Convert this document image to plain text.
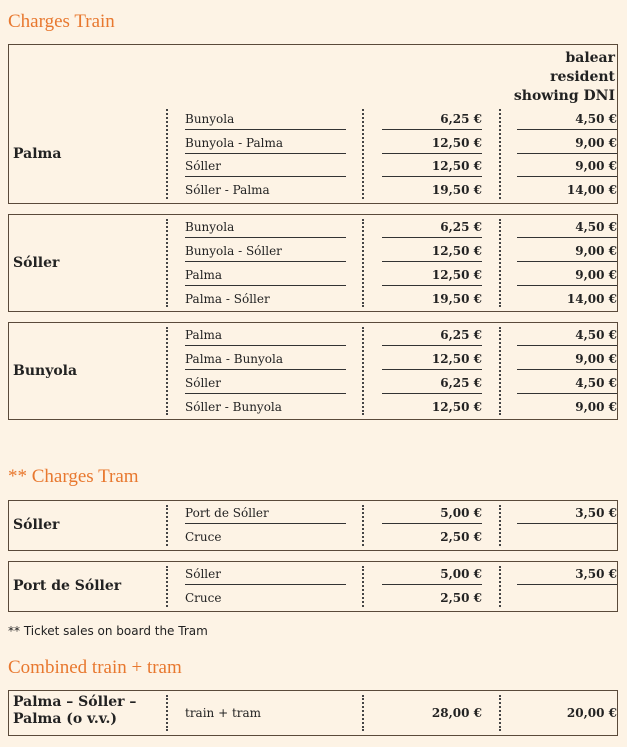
Charges Train
balear resident showing DNI
Palma
Bunyola	6,25 €	4,50 €
Bunyola - Palma	12,50 €	9,00 €
Sóller	12,50 €	9,00 €
Sóller - Palma	19,50 €	14,00 €
Sóller
Bunyola	6,25 €	4,50 €
Bunyola - Sóller	12,50 €	9,00 €
Palma	12,50 €	9,00 €
Palma - Sóller	19,50 €	14,00 €
Bunyola
Palma	6,25 €	4,50 €
Palma - Bunyola	12,50 €	9,00 €
Sóller	6,25 €	4,50 €
Sóller - Bunyola	12,50 €	9,00 €
** Charges Tram
Sóller
Port de Sóller	5,00 €	3,50 €
Cruce	2,50 €
Port de Sóller
Sóller	5,00 €	3,50 €
Cruce	2,50 €
** Ticket sales on board the Tram
Combined train + tram
Palma – Sóller – Palma (o v.v.)	train + tram	28,00 €	20,00 €
